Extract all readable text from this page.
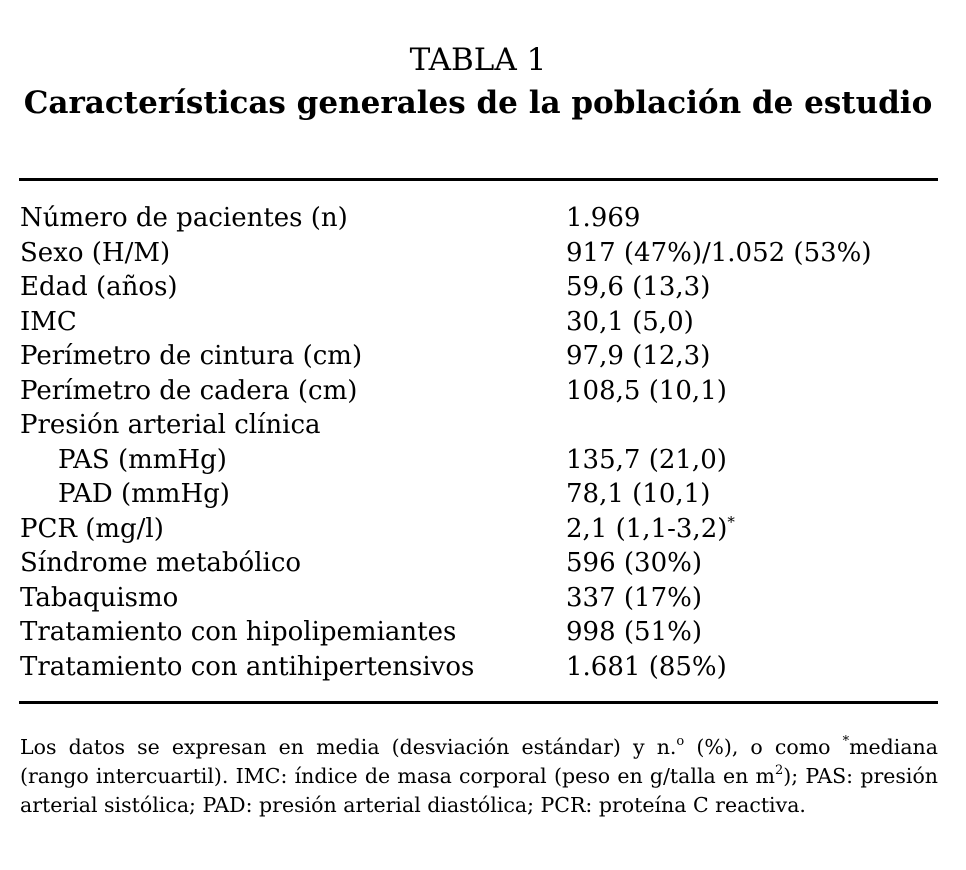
TABLA 1
Características generales de la población de estudio
Número de pacientes (n)	1.969
Sexo (H/M)	917 (47%)/1.052 (53%)
Edad (años)	59,6 (13,3)
IMC	30,1 (5,0)
Perímetro de cintura (cm)	97,9 (12,3)
Perímetro de cadera (cm)	108,5 (10,1)
Presión arterial clínica
PAS (mmHg)	135,7 (21,0)
PAD (mmHg)	78,1 (10,1)
PCR (mg/l)	2,1 (1,1-3,2)*
Síndrome metabólico	596 (30%)
Tabaquismo	337 (17%)
Tratamiento con hipolipemiantes	998 (51%)
Tratamiento con antihipertensivos	1.681 (85%)
Los datos se expresan en media (desviación estándar) y n.$^o$ (%), o como *mediana (rango intercuartil). IMC: índice de masa corporal (peso en g/talla en $m^2$); PAS: presión arterial sistólica; PAD: presión arterial diastólica; PCR: proteína C reactiva.
